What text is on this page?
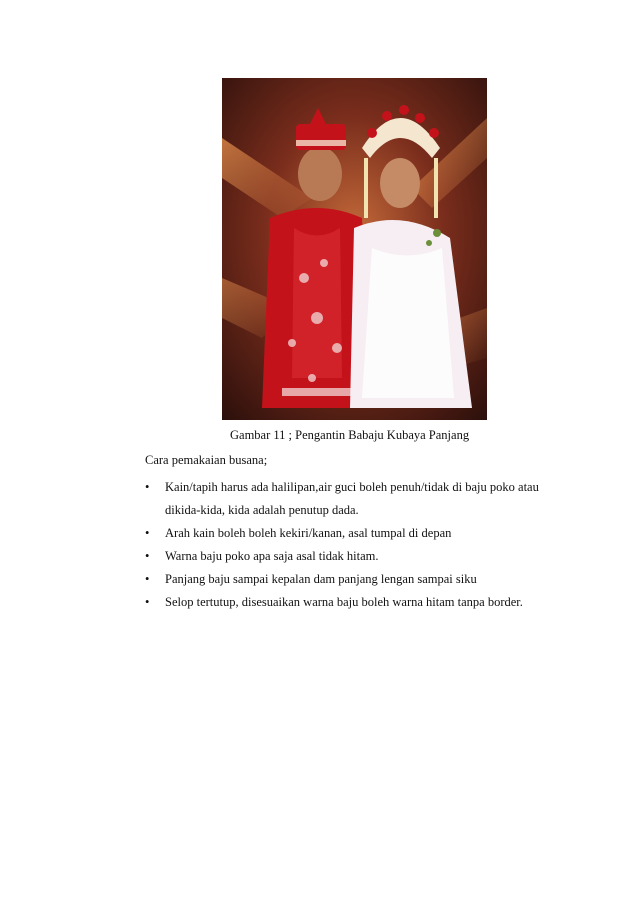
Gambar 11 ; Pengantin Babaju Kubaya Panjang
Cara pemakaian busana;
• Kain/tapih harus ada halilipan,air guci boleh penuh/tidak di baju poko atau dikida-kida, kida adalah penutup dada.
• Arah kain boleh boleh kekiri/kanan, asal tumpal di depan
• Warna baju poko apa saja asal tidak hitam.
• Panjang baju sampai kepalan dam panjang lengan sampai siku
• Selop tertutup, disesuaikan warna baju boleh warna hitam tanpa border.
